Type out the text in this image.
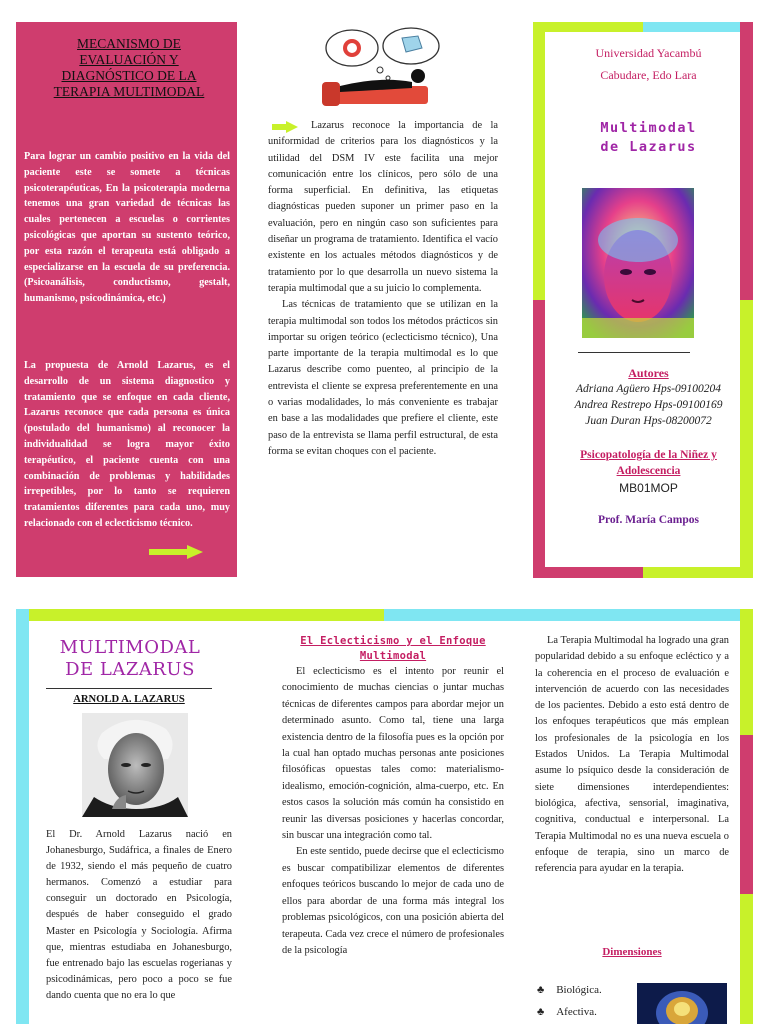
MECANISMO DE EVALUACIÓN Y DIAGNÓSTICO DE LA TERAPIA MULTIMODAL
Para lograr un cambio positivo en la vida del paciente este se somete a técnicas psicoterapéuticas, En la psicoterapia moderna tenemos una gran variedad de técnicas las cuales pertenecen a escuelas o corrientes psicológicas que aportan su sustento teórico, por esta razón el terapeuta está obligado a especializarse en la escuela de su preferencia. (Psicoanálisis, conductismo, gestalt, humanismo, psicodinámica, etc.)
La propuesta de Arnold Lazarus, es el desarrollo de un sistema diagnostico y tratamiento que se enfoque en cada cliente, Lazarus reconoce que cada persona es única (postulado del humanismo) al reconocer la individualidad se logra mayor éxito terapéutico, el paciente cuenta con una combinación de problemas y habilidades irrepetibles, por lo tanto se requieren tratamientos diferentes para cada uno, muy relacionado con el eclecticismo técnico.

Lazarus reconoce la importancia de la uniformidad de criterios para los diagnósticos y la utilidad del DSM IV este facilita una mejor comunicación entre los clínicos, pero sólo de una forma superficial. En definitiva, las etiquetas diagnósticas pueden suponer un primer paso en la evaluación, pero en ningún caso son suficientes para diseñar un programa de tratamiento. Identifica el vacío existente en los actuales métodos diagnósticos y de tratamiento por lo que desarrolla un nuevo sistema la terapia multimodal que a su juicio lo complementa.

Las técnicas de tratamiento que se utilizan en la terapia multimodal son todos los métodos prácticos sin importar su origen teórico (eclecticismo técnico), Una parte importante de la terapia multimodal es lo que Lazarus describe como puenteo, al principio de la entrevista el cliente se expresa preferentemente en una o varias modalidades, lo más conveniente es trabajar en base a las modalidades que prefiere el cliente, este paso de la entrevista se llama perfil estructural, de esta forma se evitan choques con el paciente.

Universidad Yacambú
Cabudare, Edo Lara
Multimodal
de Lazarus
Autores
Adriana Agüero Hps-09100204
Andrea Restrepo Hps-09100169
Juan Duran Hps-08200072
Psicopatología de la Niñez y
Adolescencia
MB01MOP
Prof. María Campos
MULTIMODAL
DE LAZARUS
ARNOLD A. LAZARUS
El Dr. Arnold Lazarus nació en Johanesburgo, Sudáfrica, a finales de Enero de 1932, siendo el más pequeño de cuatro hermanos. Comenzó a estudiar para conseguir un doctorado en Psicología, después de haber conseguido el grado Master en Psicología y Sociología. Afirma que, mientras estudiaba en Johanesburgo, fue entrenado bajo las escuelas rogerianas y psicodinámicas, pero poco a poco se fue dando cuenta que no era lo que
El Eclecticismo y el Enfoque Multimodal

El eclecticismo es el intento por reunir el conocimiento de muchas ciencias o juntar muchas técnicas de diferentes campos para abordar mejor un determinado asunto. Como tal, tiene una larga existencia dentro de la filosofía pues es la opción por la cual han optado muchas personas ante posiciones filosóficas opuestas tales como: materialismo-idealismo, emoción-cognición, alma-cuerpo, etc. En estos casos la solución más común ha consistido en reunir las diversas posiciones y hacerlas concordar, sin buscar una integración como tal.

En este sentido, puede decirse que el eclecticismo es buscar compatibilizar elementos de diferentes enfoques teóricos buscando lo mejor de cada uno de ellos para abordar de una forma más integral los problemas psicológicos, con una posición abierta del terapeuta. Cada vez crece el número de profesionales de la psicología

La Terapia Multimodal ha logrado una gran popularidad debido a su enfoque ecléctico y a la coherencia en el proceso de evaluación e intervención de acuerdo con las necesidades de los pacientes. Debido a esto está dentro de los enfoques terapéuticos que más emplean los profesionales de la psicología en los Estados Unidos. La Terapia Multimodal asume lo psíquico desde la consideración de siete dimensiones interdependientes: biológica, afectiva, sensorial, imaginativa, cognitiva, conductual e interpersonal. La Terapia Multimodal no es una nueva escuela o enfoque de terapia, sino un marco de referencia para ayudar en la terapia.

Dimensiones
♣ Biológica.
♣ Afectiva.
